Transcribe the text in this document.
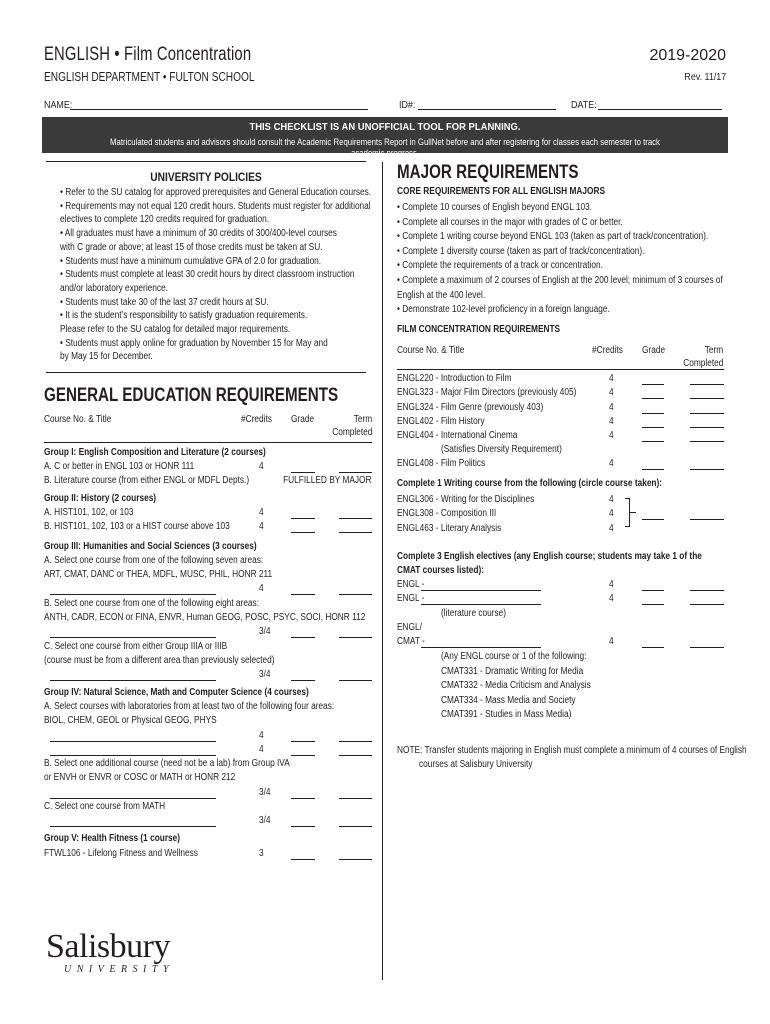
ENGLISH • Film Concentration
ENGLISH DEPARTMENT • FULTON SCHOOL
2019-2020
Rev. 11/17
NAME:	ID#:	DATE:
THIS CHECKLIST IS AN UNOFFICIAL TOOL FOR PLANNING.
Matriculated students and advisors should consult the Academic Requirements Report in GullNet before and after registering for classes each semester to track academic progress.
UNIVERSITY POLICIES
• Refer to the SU catalog for approved prerequisites and General Education courses.
• Requirements may not equal 120 credit hours. Students must register for additional
electives to complete 120 credits required for graduation.
• All graduates must have a minimum of 30 credits of 300/400-level courses
with C grade or above; at least 15 of those credits must be taken at SU.
• Students must have a minimum cumulative GPA of 2.0 for graduation.
• Students must complete at least 30 credit hours by direct classroom instruction
and/or laboratory experience.
• Students must take 30 of the last 37 credit hours at SU.
• It is the student’s responsibility to satisfy graduation requirements.
Please refer to the SU catalog for detailed major requirements.
• Students must apply online for graduation by November 15 for May and
by May 15 for December.
GENERAL EDUCATION REQUIREMENTS
Course No. & Title	#Credits Grade	Term
Completed
Group I: English Composition and Literature (2 courses)
A. C or better in ENGL 103 or HONR 111	4
B. Literature course (from either ENGL or MDFL Depts.)	FULFILLED BY MAJOR
Group II: History (2 courses)
A. HIST101, 102, or 103	4
B. HIST101, 102, 103 or a HIST course above 103	4
Group III: Humanities and Social Sciences (3 courses)
A. Select one course from one of the following seven areas:
ART, CMAT, DANC or THEA, MDFL, MUSC, PHIL, HONR 211
4
B. Select one course from one of the following eight areas:
ANTH, CADR, ECON or FINA, ENVR, Human GEOG, POSC, PSYC, SOCI, HONR 112
3/4
C. Select one course from either Group IIIA or IIIB
(course must be from a different area than previously selected)
3/4
Group IV: Natural Science, Math and Computer Science (4 courses)
A. Select courses with laboratories from at least two of the following four areas:
BIOL, CHEM, GEOL or Physical GEOG, PHYS
4
4
B. Select one additional course (need not be a lab) from Group IVA
or ENVH or ENVR or COSC or MATH or HONR 212
3/4
C. Select one course from MATH
3/4
Group V: Health Fitness (1 course)
FTWL106 - Lifelong Fitness and Wellness	3
MAJOR REQUIREMENTS
CORE REQUIREMENTS FOR ALL ENGLISH MAJORS
• Complete 10 courses of English beyond ENGL 103.
• Complete all courses in the major with grades of C or better.
• Complete 1 writing course beyond ENGL 103 (taken as part of track/concentration).
• Complete 1 diversity course (taken as part of track/concentration).
• Complete the requirements of a track or concentration.
• Complete a maximum of 2 courses of English at the 200 level; minimum of 3 courses of
English at the 400 level.
• Demonstrate 102-level proficiency in a foreign language.
FILM CONCENTRATION REQUIREMENTS
Course No. & Title	#Credits Grade	Term
Completed
ENGL220 - Introduction to Film	4
ENGL323 - Major Film Directors (previously 405)	4
ENGL324 - Film Genre (previously 403)	4
ENGL402 - Film History	4
ENGL404 - International Cinema	4
(Satisfies Diversity Requirement)
ENGL408 - Film Politics	4
Complete 1 Writing course from the following (circle course taken):
ENGL306 - Writing for the Disciplines	4
ENGL308 - Composition III	4
ENGL463 - Literary Analysis	4
Complete 3 English electives (any English course; students may take 1 of the
CMAT courses listed):
ENGL -	4
ENGL -	4
(literature course)
ENGL/
CMAT -	4
(Any ENGL course or 1 of the following:
CMAT331 - Dramatic Writing for Media
CMAT332 - Media Criticism and Analysis
CMAT334 - Mass Media and Society
CMAT391 - Studies in Mass Media)
NOTE: Transfer students majoring in English must complete a minimum of 4 courses of English
courses at Salisbury University
Salisbury
UNIVERSITY
